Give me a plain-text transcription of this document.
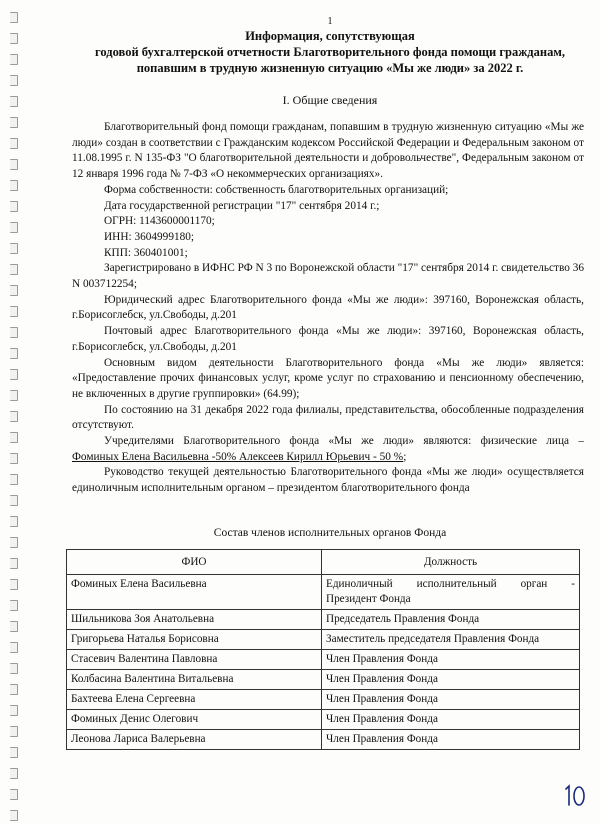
1
Информация, сопутствующая
годовой бухгалтерской отчетности Благотворительного фонда помощи гражданам,
попавшим в трудную жизненную ситуацию «Мы же люди» за 2022 г.
I. Общие сведения

Благотворительный фонд помощи гражданам, попавшим в трудную жизненную ситуацию «Мы же люди» создан в соответствии с Гражданским кодексом Российской Федерации и Федеральным законом от 11.08.1995 г. N 135-ФЗ "О благотворительной деятельности и добровольчестве", Федеральным законом от 12 января 1996 года № 7-ФЗ «О некоммерческих организациях».

Форма собственности: собственность благотворительных организаций;

Дата государственной регистрации "17" сентября 2014 г.;

ОГРН: 1143600001170;

ИНН: 3604999180;

КПП: 360401001;

Зарегистрировано в ИФНС РФ N 3 по Воронежской области "17" сентября 2014 г. свидетельство 36 N 003712254;

Юридический адрес Благотворительного фонда «Мы же люди»: 397160, Воронежская область, г.Борисоглебск, ул.Свободы, д.201

Почтовый адрес Благотворительного фонда «Мы же люди»: 397160, Воронежская область, г.Борисоглебск, ул.Свободы, д.201

Основным видом деятельности Благотворительного фонда «Мы же люди» является: «Предоставление прочих финансовых услуг, кроме услуг по страхованию и пенсионному обеспечению, не включенных в другие группировки» (64.99);

По состоянию на 31 декабря 2022 года филиалы, представительства, обособленные подразделения отсутствуют.

Учредителями Благотворительного фонда «Мы же люди» являются: физические лица –

Фоминых Елена Васильевна -50% Алексеев Кирилл Юрьевич - 50 %;

Руководство текущей деятельностью Благотворительного фонда «Мы же люди» осуществляется единоличным исполнительным органом – президентом благотворительного фонда

Состав членов исполнительных органов Фонда
ФИО	Должность
Фоминых Елена Васильевна	Единоличный исполнительный орган -
Президент Фонда

Шильникова Зоя Анатольевна	Председатель Правления Фонда
Григорьева Наталья Борисовна	Заместитель председателя Правления Фонда
Стасевич Валентина Павловна	Член Правления Фонда
Колбасина Валентина Витальевна	Член Правления Фонда
Бахтеева Елена Сергеевна	Член Правления Фонда
Фоминых Денис Олегович	Член Правления Фонда
Леонова Лариса Валерьевна	Член Правления Фонда
